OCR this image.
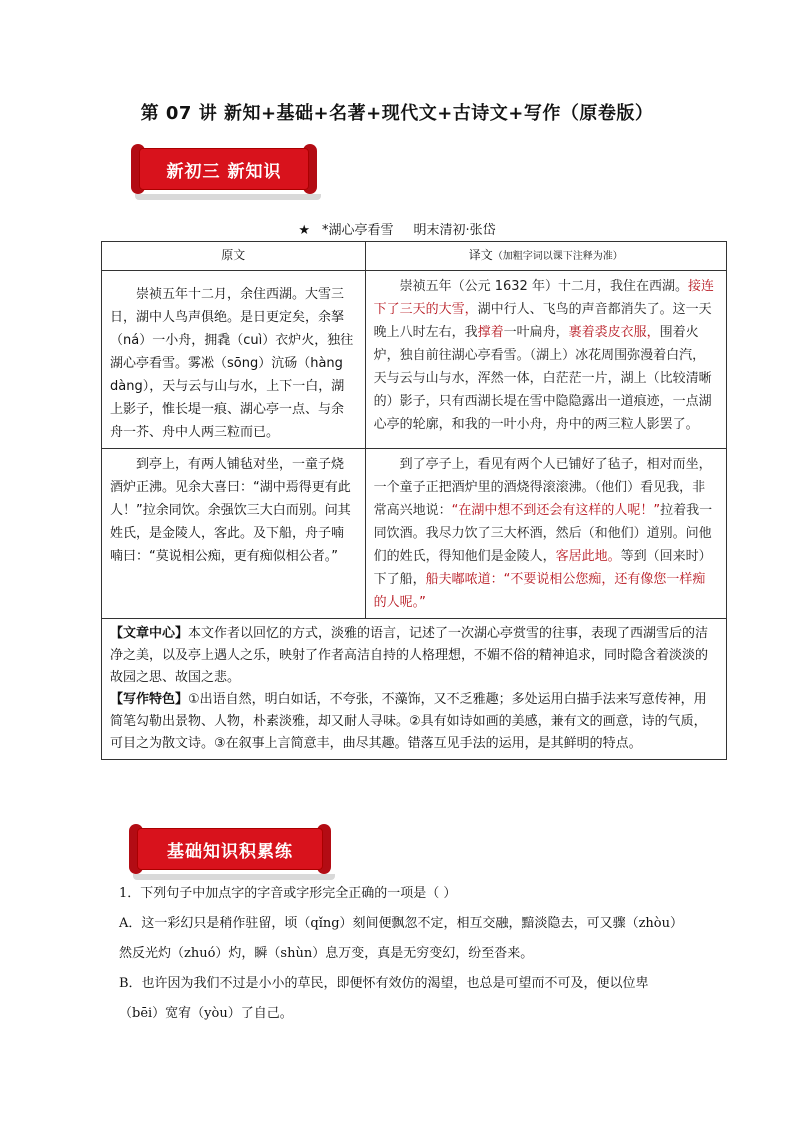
第 07 讲 新知+基础+名著+现代文+古诗文+写作（原卷版）
新初三 新知识
★ *湖心亭看雪 明末清初·张岱
原文	译文（加粗字词以课下注释为准）
崇祯五年十二月，余住西湖。大雪三日，湖中人鸟声俱绝。是日更定矣，余拏（ná）一小舟，拥毳（cuì）衣炉火，独往湖心亭看雪。雾凇（sōng）沆砀（hàng dàng），天与云与山与水，上下一白，湖上影子，惟长堤一痕、湖心亭一点、与余舟一芥、舟中人两三粒而已。	崇祯五年（公元 1632 年）十二月，我住在西湖。接连下了三天的大雪，湖中行人、飞鸟的声音都消失了。这一天晚上八时左右，我撑着一叶扁舟，裹着裘皮衣服，围着火炉，独自前往湖心亭看雪。（湖上）冰花周围弥漫着白汽，天与云与山与水，浑然一体，白茫茫一片，湖上（比较清晰的）影子，只有西湖长堤在雪中隐隐露出一道痕迹，一点湖心亭的轮廓，和我的一叶小舟，舟中的两三粒人影罢了。
到亭上，有两人铺毡对坐，一童子烧酒炉正沸。见余大喜曰：“湖中焉得更有此人！”拉余同饮。余强饮三大白而别。问其姓氏，是金陵人，客此。及下船，舟子喃喃曰：“莫说相公痴，更有痴似相公者。”	到了亭子上，看见有两个人已铺好了毡子，相对而坐，一个童子正把酒炉里的酒烧得滚滚沸。（他们）看见我，非常高兴地说：“在湖中想不到还会有这样的人呢！”拉着我一同饮酒。我尽力饮了三大杯酒，然后（和他们）道别。问他们的姓氏，得知他们是金陵人，客居此地。等到（回来时）下了船，船夫嘟哝道：“不要说相公您痴，还有像您一样痴的人呢。”

【文章中心】本文作者以回忆的方式，淡雅的语言，记述了一次湖心亭赏雪的往事，表现了西湖雪后的洁净之美，以及亭上遇人之乐，映射了作者高洁自持的人格理想，不媚不俗的精神追求，同时隐含着淡淡的故园之思、故国之悲。

【写作特色】①出语自然，明白如话，不夸张，不藻饰，又不乏雅趣；多处运用白描手法来写意传神，用简笔勾勒出景物、人物，朴素淡雅，却又耐人寻味。②具有如诗如画的美感，兼有文的画意，诗的气质，可目之为散文诗。③在叙事上言简意丰，曲尽其趣。错落互见手法的运用，是其鲜明的特点。	

基础知识积累练

1．下列句子中加点字的字音或字形完全正确的一项是（ ）

A．这一彩幻只是稍作驻留，顷（qǐng）刻间便飘忽不定，相互交融，黯淡隐去，可又骤（zhòu）

然反光灼（zhuó）灼，瞬（shùn）息万变，真是无穷变幻，纷至沓来。

B．也许因为我们不过是小小的草民，即便怀有效仿的渴望，也总是可望而不可及，便以位卑

（bēi）宽宥（yòu）了自己。
